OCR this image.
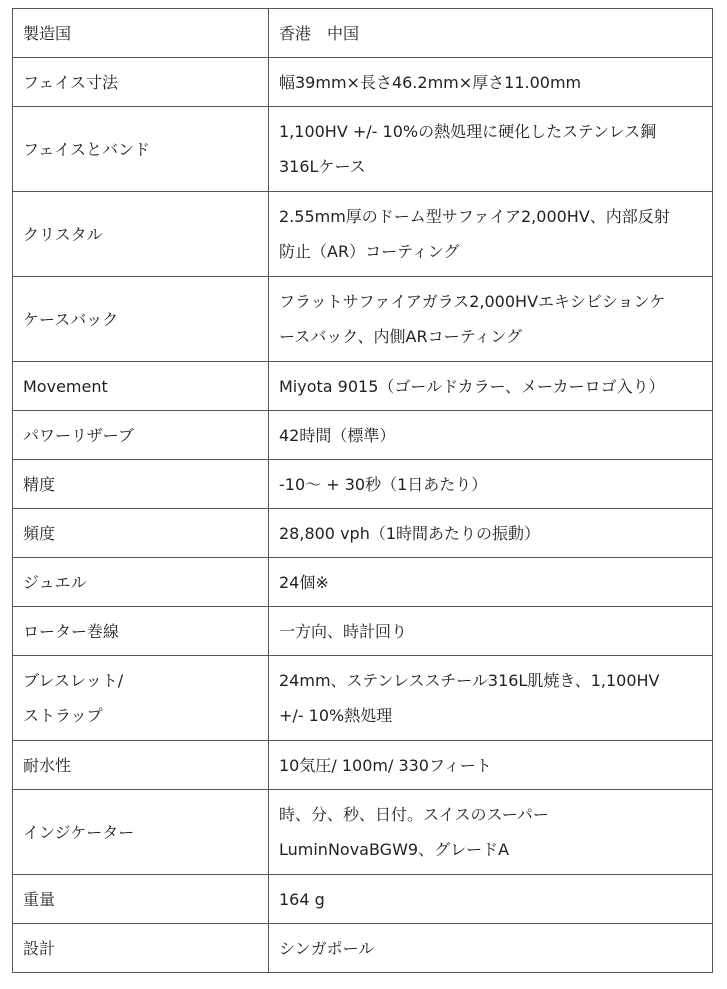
製造国	香港　中国
フェイス寸法	幅39mm×長さ46.2mm×厚さ11.00mm
フェイスとバンド	1,100HV +/- 10%の熱処理に硬化したステンレス鋼
316Lケース
クリスタル	2.55mm厚のドーム型サファイア2,000HV、内部反射
防止（AR）コーティング
ケースバック	フラットサファイアガラス2,000HVエキシビションケ
ースバック、内側ARコーティング
Movement	Miyota 9015（ゴールドカラー、メーカーロゴ入り）
パワーリザーブ	42時間（標準）
精度	-10～ + 30秒（1日あたり）
頻度	28,800 vph（1時間あたりの振動）
ジュエル	24個※
ローター巻線	一方向、時計回り
ブレスレット/
ストラップ	24mm、ステンレススチール316L肌焼き、1,100HV
+/- 10%熱処理
耐水性	10気圧/ 100m/ 330フィート
インジケーター	時、分、秒、日付。スイスのスーパー
LuminNovaBGW9、グレードA
重量	164 g
設計	シンガポール
